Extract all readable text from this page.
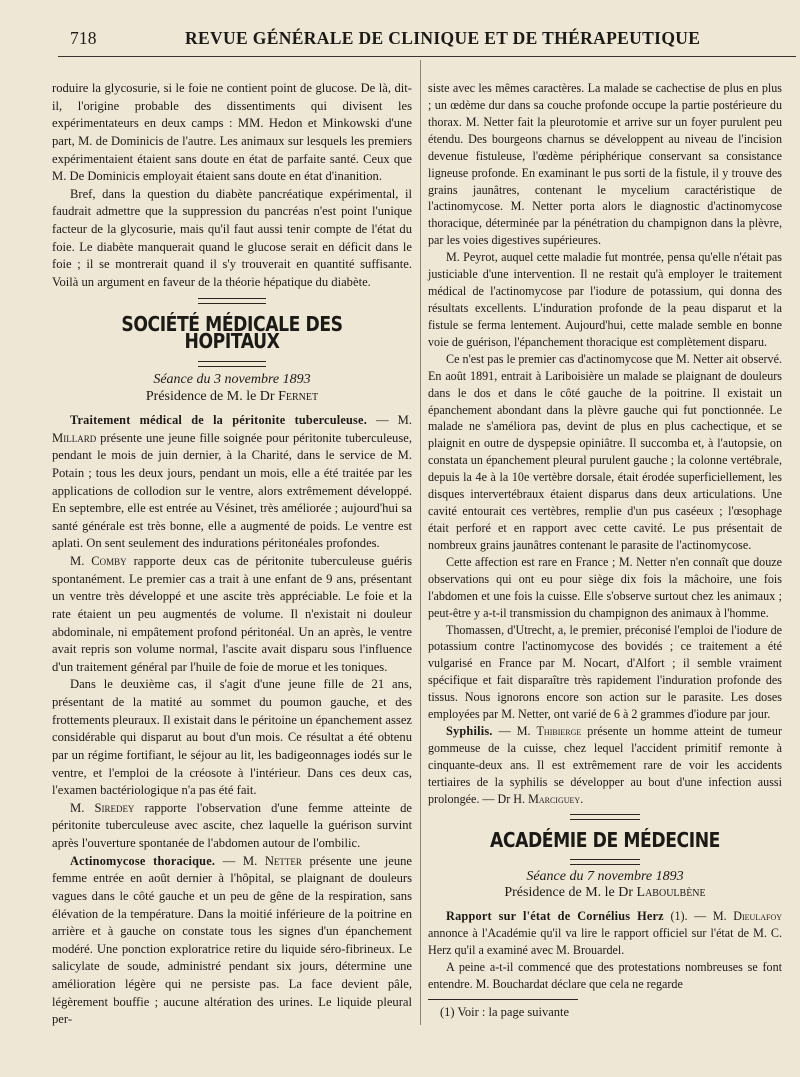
718	REVUE GÉNÉRALE DE CLINIQUE ET DE THÉRAPEUTIQUE

roduire la glycosurie, si le foie ne contient point de glucose. De là, dit-il, l'origine probable des dissentiments qui divisent les expérimentateurs en deux camps : MM. Hedon et Minkowski d'une part, M. de Dominicis de l'autre. Les animaux sur lesquels les premiers expérimentaient étaient sans doute en état de parfaite santé. Ceux que M. De Dominicis employait étaient sans doute en état d'inanition.

Bref, dans la question du diabète pancréatique expérimental, il faudrait admettre que la suppression du pancréas n'est point l'unique facteur de la glycosurie, mais qu'il faut aussi tenir compte de l'état du foie. Le diabète manquerait quand le glucose serait en déficit dans le foie ; il se montrerait quand il s'y trouverait en quantité suffisante. Voilà un argument en faveur de la théorie hépatique du diabète.

SOCIÉTÉ MÉDICALE DES HOPITAUX
Séance du 3 novembre 1893
Présidence de M. le Dr Fernet

Traitement médical de la péritonite tuberculeuse. — M. Millard présente une jeune fille soignée pour péritonite tuberculeuse, pendant le mois de juin dernier, à la Charité, dans le service de M. Potain ; tous les deux jours, pendant un mois, elle a été traitée par les applications de collodion sur le ventre, alors extrêmement développé. En septembre, elle est entrée au Vésinet, très améliorée ; aujourd'hui sa santé générale est très bonne, elle a augmenté de poids. Le ventre est aplati. On sent seulement des indurations péritonéales profondes.

M. Comby rapporte deux cas de péritonite tuberculeuse guéris spontanément. Le premier cas a trait à une enfant de 9 ans, présentant un ventre très développé et une ascite très appréciable. Le foie et la rate étaient un peu augmentés de volume. Il n'existait ni douleur abdominale, ni empâtement profond péritonéal. Un an après, le ventre avait repris son volume normal, l'ascite avait disparu sous l'influence d'un traitement général par l'huile de foie de morue et les toniques.

Dans le deuxième cas, il s'agit d'une jeune fille de 21 ans, présentant de la matité au sommet du poumon gauche, et des frottements pleuraux. Il existait dans le péritoine un épanchement assez considérable qui disparut au bout d'un mois. Ce résultat a été obtenu par un régime fortifiant, le séjour au lit, les badigeonnages iodés sur le ventre, et l'emploi de la créosote à l'intérieur. Dans ces deux cas, l'examen bactériologique n'a pas été fait.

M. Siredey rapporte l'observation d'une femme atteinte de péritonite tuberculeuse avec ascite, chez laquelle la guérison survint après l'ouverture spontanée de l'abdomen autour de l'ombilic.

Actinomycose thoracique. — M. Netter présente une jeune femme entrée en août dernier à l'hôpital, se plaignant de douleurs vagues dans le côté gauche et un peu de gêne de la respiration, sans élévation de la température. Dans la moitié inférieure de la poitrine en arrière et à gauche on constate tous les signes d'un épanchement modéré. Une ponction exploratrice retire du liquide séro-fibrineux. Le salicylate de soude, administré pendant six jours, détermine une amélioration légère qui ne persiste pas. La face devient pâle, légèrement bouffie ; aucune altération des urines. Le liquide pleural per-

siste avec les mêmes caractères. La malade se cachectise de plus en plus ; un œdème dur dans sa couche profonde occupe la partie postérieure du thorax. M. Netter fait la pleurotomie et arrive sur un foyer purulent peu étendu. Des bourgeons charnus se développent au niveau de l'incision devenue fistuleuse, l'œdème périphérique conservant sa consistance ligneuse profonde. En examinant le pus sorti de la fistule, il y trouve des grains jaunâtres, contenant le mycelium caractéristique de l'actinomycose. M. Netter porta alors le diagnostic d'actinomycose thoracique, déterminée par la pénétration du champignon dans la plèvre, par les voies digestives supérieures.

M. Peyrot, auquel cette maladie fut montrée, pensa qu'elle n'était pas justiciable d'une intervention. Il ne restait qu'à employer le traitement médical de l'actinomycose par l'iodure de potassium, qui donna des résultats excellents. L'induration profonde de la peau disparut et la fistule se ferma lentement. Aujourd'hui, cette malade semble en bonne voie de guérison, l'épanchement thoracique est complètement disparu.

Ce n'est pas le premier cas d'actinomycose que M. Netter ait observé. En août 1891, entrait à Lariboisière un malade se plaignant de douleurs dans le dos et dans le côté gauche de la poitrine. Il existait un épanchement abondant dans la plèvre gauche qui fut ponctionnée. Le malade ne s'améliora pas, devint de plus en plus cachectique, et se plaignit en outre de dyspepsie opiniâtre. Il succomba et, à l'autopsie, on constata un épanchement pleural purulent gauche ; la colonne vertébrale, depuis la 4e à la 10e vertèbre dorsale, était érodée superficiellement, les disques intervertébraux étaient disparus dans deux articulations. Une cavité entourait ces vertèbres, remplie d'un pus caséeux ; l'œsophage était perforé et en rapport avec cette cavité. Le pus présentait de nombreux grains jaunâtres contenant le parasite de l'actinomycose.

Cette affection est rare en France ; M. Netter n'en connaît que douze observations qui ont eu pour siège dix fois la mâchoire, une fois l'abdomen et une fois la cuisse. Elle s'observe surtout chez les animaux ; peut-être y a-t-il transmission du champignon des animaux à l'homme.

Thomassen, d'Utrecht, a, le premier, préconisé l'emploi de l'iodure de potassium contre l'actinomycose des bovidés ; ce traitement a été vulgarisé en France par M. Nocart, d'Alfort ; il semble vraiment spécifique et fait disparaître très rapidement l'induration profonde des tissus. Nous ignorons encore son action sur le parasite. Les doses employées par M. Netter, ont varié de 6 à 2 grammes d'iodure par jour.

Syphilis. — M. Thibierge présente un homme atteint de tumeur gommeuse de la cuisse, chez lequel l'accident primitif remonte à cinquante-deux ans. Il est extrêmement rare de voir les accidents tertiaires de la syphilis se développer au bout d'une infection aussi prolongée. — Dr H. Marciguey.

ACADÉMIE DE MÉDECINE
Séance du 7 novembre 1893
Présidence de M. le Dr Laboulbène

Rapport sur l'état de Cornélius Herz (1). — M. Dieulafoy annonce à l'Académie qu'il va lire le rapport officiel sur l'état de M. C. Herz qu'il a examiné avec M. Brouardel.

A peine a-t-il commencé que des protestations nombreuses se font entendre. M. Bouchardat déclare que cela ne regarde

(1) Voir : la page suivante
